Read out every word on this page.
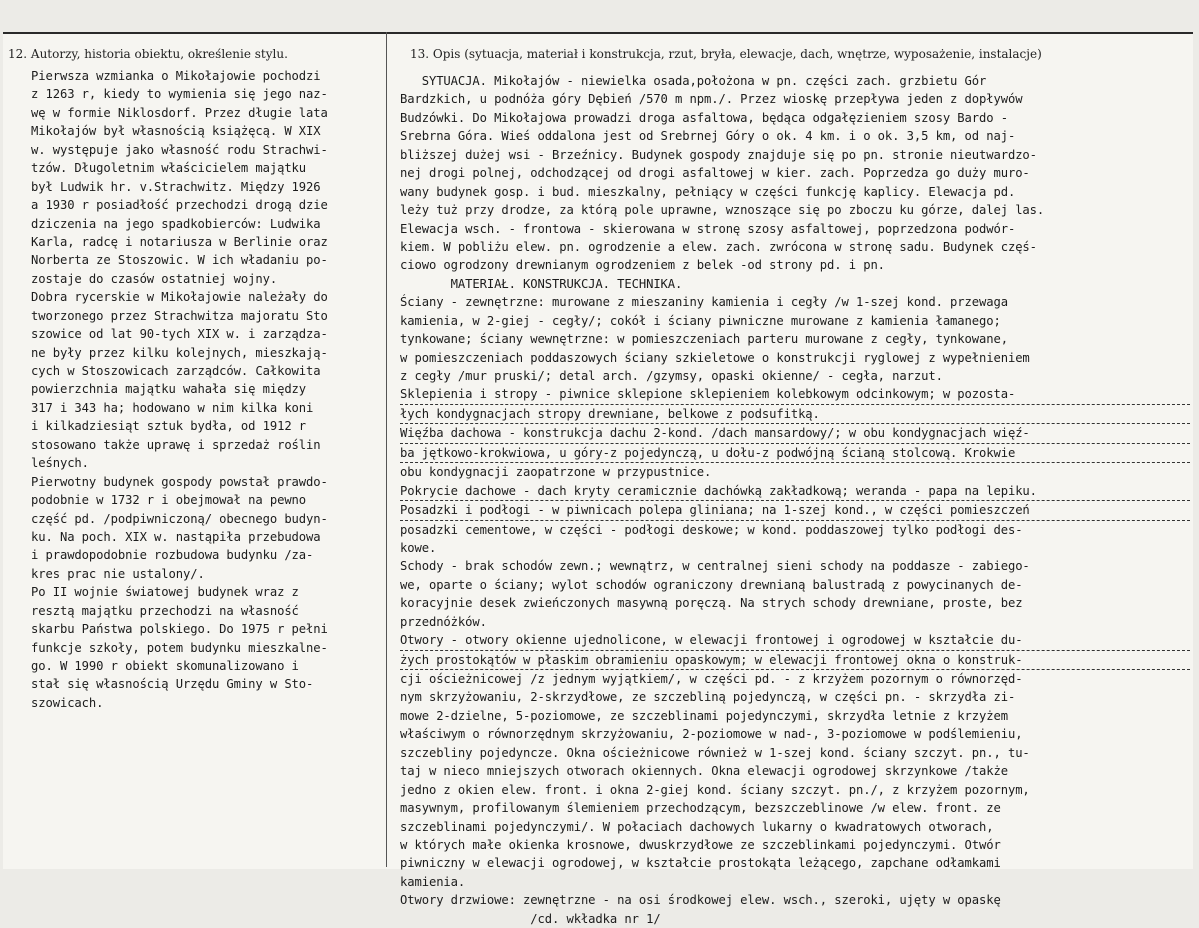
12. Autorzy, historia obiektu, określenie stylu.	13. Opis (sytuacja, materiał i konstrukcja, rzut, bryła, elewacje, dach, wnętrze, wyposażenie, instalacje)
Pierwsza wzmianka o Mikołajowie pochodzi
z 1263 r, kiedy to wymienia się jego naz-
wę w formie Niklosdorf. Przez długie lata
Mikołajów był własnością książęcą. W XIX
w. występuje jako własność rodu Strachwi-
tzów. Długoletnim właścicielem majątku
był Ludwik hr. v.Strachwitz. Między 1926
a 1930 r posiadłość przechodzi drogą dzie
dziczenia na jego spadkobierców: Ludwika
Karla, radcę i notariusza w Berlinie oraz
Norberta ze Stoszowic. W ich władaniu po-
zostaje do czasów ostatniej wojny.
Dobra rycerskie w Mikołajowie należały do
tworzonego przez Strachwitza majoratu Sto
szowice od lat 90-tych XIX w. i zarządza-
ne były przez kilku kolejnych, mieszkają-
cych w Stoszowicach zarządców. Całkowita
powierzchnia majątku wahała się między
317 i 343 ha; hodowano w nim kilka koni
i kilkadziesiąt sztuk bydła, od 1912 r
stosowano także uprawę i sprzedaż roślin
leśnych.
Pierwotny budynek gospody powstał prawdo-
podobnie w 1732 r i obejmował na pewno
część pd. /podpiwniczoną/ obecnego budyn-
ku. Na poch. XIX w. nastąpiła przebudowa
i prawdopodobnie rozbudowa budynku /za-
kres prac nie ustalony/.
Po II wojnie światowej budynek wraz z
resztą majątku przechodzi na własność
skarbu Państwa polskiego. Do 1975 r pełni
funkcje szkoły, potem budynku mieszkalne-
go. W 1990 r obiekt skomunalizowano i
stał się własnością Urzędu Gminy w Sto-
szowicach.
SYTUACJA. Mikołajów - niewielka osada,położona w pn. części zach. grzbietu Gór
Bardzkich, u podnóża góry Dębień /570 m npm./. Przez wioskę przepływa jeden z dopływów
Budzówki. Do Mikołajowa prowadzi droga asfaltowa, będąca odgałęzieniem szosy Bardo -
Srebrna Góra. Wieś oddalona jest od Srebrnej Góry o ok. 4 km. i o ok. 3,5 km, od naj-
bliższej dużej wsi - Brzeźnicy. Budynek gospody znajduje się po pn. stronie nieutwardzo-
nej drogi polnej, odchodzącej od drogi asfaltowej w kier. zach. Poprzedza go duży muro-
wany budynek gosp. i bud. mieszkalny, pełniący w części funkcję kaplicy. Elewacja pd.
leży tuż przy drodze, za którą pole uprawne, wznoszące się po zboczu ku górze, dalej las.
Elewacja wsch. - frontowa - skierowana w stronę szosy asfaltowej, poprzedzona podwór-
kiem. W pobliżu elew. pn. ogrodzenie a elew. zach. zwrócona w stronę sadu. Budynek częś-
ciowo ogrodzony drewnianym ogrodzeniem z belek -od strony pd. i pn.
MATERIAŁ. KONSTRUKCJA. TECHNIKA.
Ściany - zewnętrzne: murowane z mieszaniny kamienia i cegły /w 1-szej kond. przewaga
kamienia, w 2-giej - cegły/; cokół i ściany piwniczne murowane z kamienia łamanego;
tynkowane; ściany wewnętrzne: w pomieszczeniach parteru murowane z cegły, tynkowane,
w pomieszczeniach poddaszowych ściany szkieletowe o konstrukcji ryglowej z wypełnieniem
z cegły /mur pruski/; detal arch. /gzymsy, opaski okienne/ - cegła, narzut.
Sklepienia i stropy - piwnice sklepione sklepieniem kolebkowym odcinkowym; w pozosta-
łych kondygnacjach stropy drewniane, belkowe z podsufitką.
Więźba dachowa - konstrukcja dachu 2-kond. /dach mansardowy/; w obu kondygnacjach więź-
ba jętkowo-krokwiowa, u góry-z pojedynczą, u dołu-z podwójną ścianą stolcową. Krokwie
obu kondygnacji zaopatrzone w przypustnice.
Pokrycie dachowe - dach kryty ceramicznie dachówką zakładkową; weranda - papa na lepiku.
Posadzki i podłogi - w piwnicach polepa gliniana; na 1-szej kond., w części pomieszczeń
posadzki cementowe, w części - podłogi deskowe; w kond. poddaszowej tylko podłogi des-
kowe.
Schody - brak schodów zewn.; wewnątrz, w centralnej sieni schody na poddasze - zabiego-
we, oparte o ściany; wylot schodów ograniczony drewnianą balustradą z powycinanych de-
koracyjnie desek zwieńczonych masywną poręczą. Na strych schody drewniane, proste, bez
przednóżków.
Otwory - otwory okienne ujednolicone, w elewacji frontowej i ogrodowej w kształcie du-
żych prostokątów w płaskim obramieniu opaskowym; w elewacji frontowej okna o konstruk-
cji ościeżnicowej /z jednym wyjątkiem/, w części pd. - z krzyżem pozornym o równorzęd-
nym skrzyżowaniu, 2-skrzydłowe, ze szczebliną pojedynczą, w części pn. - skrzydła zi-
mowe 2-dzielne, 5-poziomowe, ze szczeblinami pojedynczymi, skrzydła letnie z krzyżem
właściwym o równorzędnym skrzyżowaniu, 2-poziomowe w nad-, 3-poziomowe w podślemieniu,
szczebliny pojedyncze. Okna ościeżnicowe również w 1-szej kond. ściany szczyt. pn., tu-
taj w nieco mniejszych otworach okiennych. Okna elewacji ogrodowej skrzynkowe /także
jedno z okien elew. front. i okna 2-giej kond. ściany szczyt. pn./, z krzyżem pozornym,
masywnym, profilowanym ślemieniem przechodzącym, bezszczeblinowe /w elew. front. ze
szczeblinami pojedynczymi/. W połaciach dachowych lukarny o kwadratowych otworach,
w których małe okienka krosnowe, dwuskrzydłowe ze szczeblinkami pojedynczymi. Otwór
piwniczny w elewacji ogrodowej, w kształcie prostokąta leżącego, zapchane odłamkami
kamienia.
Otwory drzwiowe: zewnętrzne - na osi środkowej elew. wsch., szeroki, ujęty w opaskę
/cd. wkładka nr 1/
